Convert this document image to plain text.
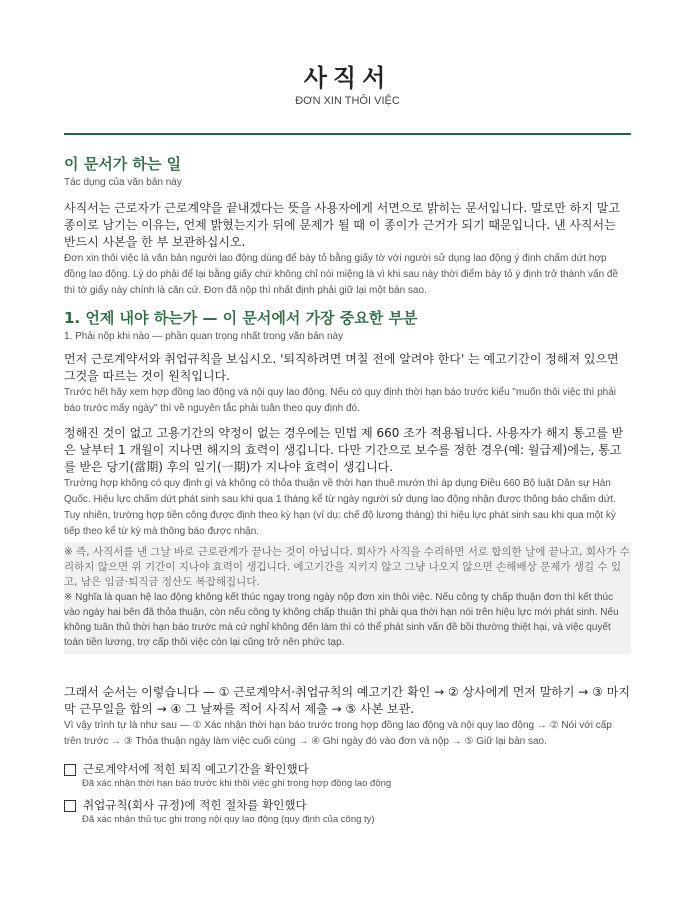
사직서
ĐƠN XIN THÔI VIỆC
이 문서가 하는 일
Tác dụng của văn bản này

사직서는 근로자가 근로계약을 끝내겠다는 뜻을 사용자에게 서면으로 밝히는 문서입니다. 말로만 하지 말고 종이로 남기는 이유는, 언제 밝혔는지가 뒤에 문제가 될 때 이 종이가 근거가 되기 때문입니다. 낸 사직서는 반드시 사본을 한 부 보관하십시오.

Đơn xin thôi việc là văn bản người lao động dùng để bày tỏ bằng giấy tờ với người sử dụng lao động ý định chấm dứt hợp đồng lao động. Lý do phải để lại bằng giấy chứ không chỉ nói miệng là vì khi sau này thời điểm bày tỏ ý định trở thành vấn đề thì tờ giấy này chính là căn cứ. Đơn đã nộp thì nhất định phải giữ lại một bản sao.

1. 언제 내야 하는가 — 이 문서에서 가장 중요한 부분
1. Phải nộp khi nào — phần quan trọng nhất trong văn bản này

먼저 근로계약서와 취업규칙을 보십시오. '퇴직하려면 며칠 전에 알려야 한다' 는 예고기간이 정해져 있으면 그것을 따르는 것이 원칙입니다.

Trước hết hãy xem hợp đồng lao động và nội quy lao động. Nếu có quy định thời hạn báo trước kiểu "muốn thôi việc thì phải báo trước mấy ngày" thì về nguyên tắc phải tuân theo quy định đó.

정해진 것이 없고 고용기간의 약정이 없는 경우에는 민법 제 660 조가 적용됩니다. 사용자가 해지 통고를 받은 날부터 1 개월이 지나면 해지의 효력이 생깁니다. 다만 기간으로 보수를 정한 경우(예: 월급제)에는, 통고를 받은 당기(當期) 후의 일기(一期)가 지나야 효력이 생깁니다.

Trường hợp không có quy định gì và không có thỏa thuận về thời hạn thuê mướn thì áp dụng Điều 660 Bộ luật Dân sự Hàn Quốc. Hiệu lực chấm dứt phát sinh sau khi qua 1 tháng kể từ ngày người sử dụng lao động nhận được thông báo chấm dứt. Tuy nhiên, trường hợp tiền công được định theo kỳ hạn (ví dụ: chế độ lương tháng) thì hiệu lực phát sinh sau khi qua một kỳ tiếp theo kể từ kỳ mà thông báo được nhận.

※ 즉, 사직서를 낸 그날 바로 근로관계가 끝나는 것이 아닙니다. 회사가 사직을 수리하면 서로 합의한 날에 끝나고, 회사가 수리하지 않으면 위 기간이 지나야 효력이 생깁니다. 예고기간을 지키지 않고 그냥 나오지 않으면 손해배상 문제가 생길 수 있고, 남은 임금·퇴직금 정산도 복잡해집니다.

※ Nghĩa là quan hệ lao động không kết thúc ngay trong ngày nộp đơn xin thôi việc. Nếu công ty chấp thuận đơn thì kết thúc vào ngày hai bên đã thỏa thuận, còn nếu công ty không chấp thuận thì phải qua thời hạn nói trên hiệu lực mới phát sinh. Nếu không tuân thủ thời hạn báo trước mà cứ nghỉ không đến làm thì có thể phát sinh vấn đề bồi thường thiệt hại, và việc quyết toán tiền lương, trợ cấp thôi việc còn lại cũng trở nên phức tạp.

그래서 순서는 이렇습니다 — ① 근로계약서·취업규칙의 예고기간 확인 → ② 상사에게 먼저 말하기 → ③ 마지막 근무일을 합의 → ④ 그 날짜를 적어 사직서 제출 → ⑤ 사본 보관.

Vì vậy trình tự là như sau — ① Xác nhận thời hạn báo trước trong hợp đồng lao động và nội quy lao động → ② Nói với cấp trên trước → ③ Thỏa thuận ngày làm việc cuối cùng → ④ Ghi ngày đó vào đơn và nộp → ⑤ Giữ lại bản sao.

근로계약서에 적힌 퇴직 예고기간을 확인했다
Đã xác nhận thời hạn báo trước khi thôi việc ghi trong hợp đồng lao động
취업규칙(회사 규정)에 적힌 절차를 확인했다
Đã xác nhận thủ tục ghi trong nội quy lao động (quy định của công ty)
